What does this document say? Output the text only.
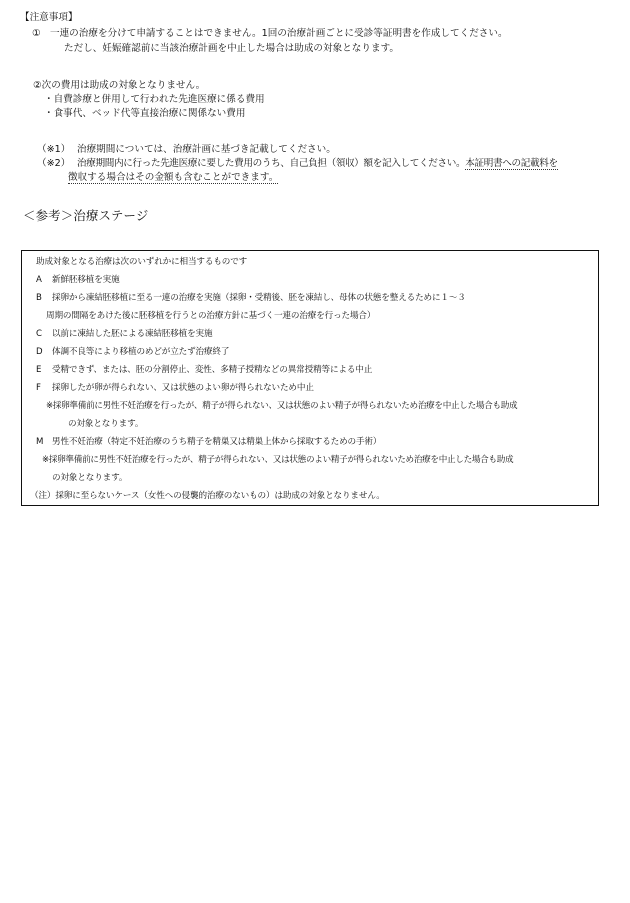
【注意事項】
① 一連の治療を分けて申請することはできません。1回の治療計画ごとに受診等証明書を作成してください。
ただし、妊娠確認前に当該治療計画を中止した場合は助成の対象となります。
②次の費用は助成の対象となりません。
・自費診療と併用して行われた先進医療に係る費用
・食事代、ベッド代等直接治療に関係ない費用
（※1） 治療期間については、治療計画に基づき記載してください。
（※2） 治療期間内に行った先進医療に要した費用のうち、自己負担（領収）額を記入してください。本証明書への記載料を
徴収する場合はその金額も含むことができます。
＜参考＞治療ステージ
助成対象となる治療は次のいずれかに相当するものです
A 新鮮胚移植を実施
B 採卵から凍結胚移植に至る一連の治療を実施（採卵・受精後、胚を凍結し、母体の状態を整えるために１～３
周期の間隔をあけた後に胚移植を行うとの治療方針に基づく一連の治療を行った場合）
C 以前に凍結した胚による凍結胚移植を実施
D 体調不良等により移植のめどが立たず治療終了
E 受精できず、または、胚の分割停止、変性、多精子授精などの異常授精等による中止
F 採卵したが卵が得られない、又は状態のよい卵が得られないため中止
※採卵準備前に男性不妊治療を行ったが、精子が得られない、又は状態のよい精子が得られないため治療を中止した場合も助成
の対象となります。
M 男性不妊治療（特定不妊治療のうち精子を精巣又は精巣上体から採取するための手術）
※採卵準備前に男性不妊治療を行ったが、精子が得られない、又は状態のよい精子が得られないため治療を中止した場合も助成
の対象となります。
（注）採卵に至らないケース（女性への侵襲的治療のないもの）は助成の対象となりません。
